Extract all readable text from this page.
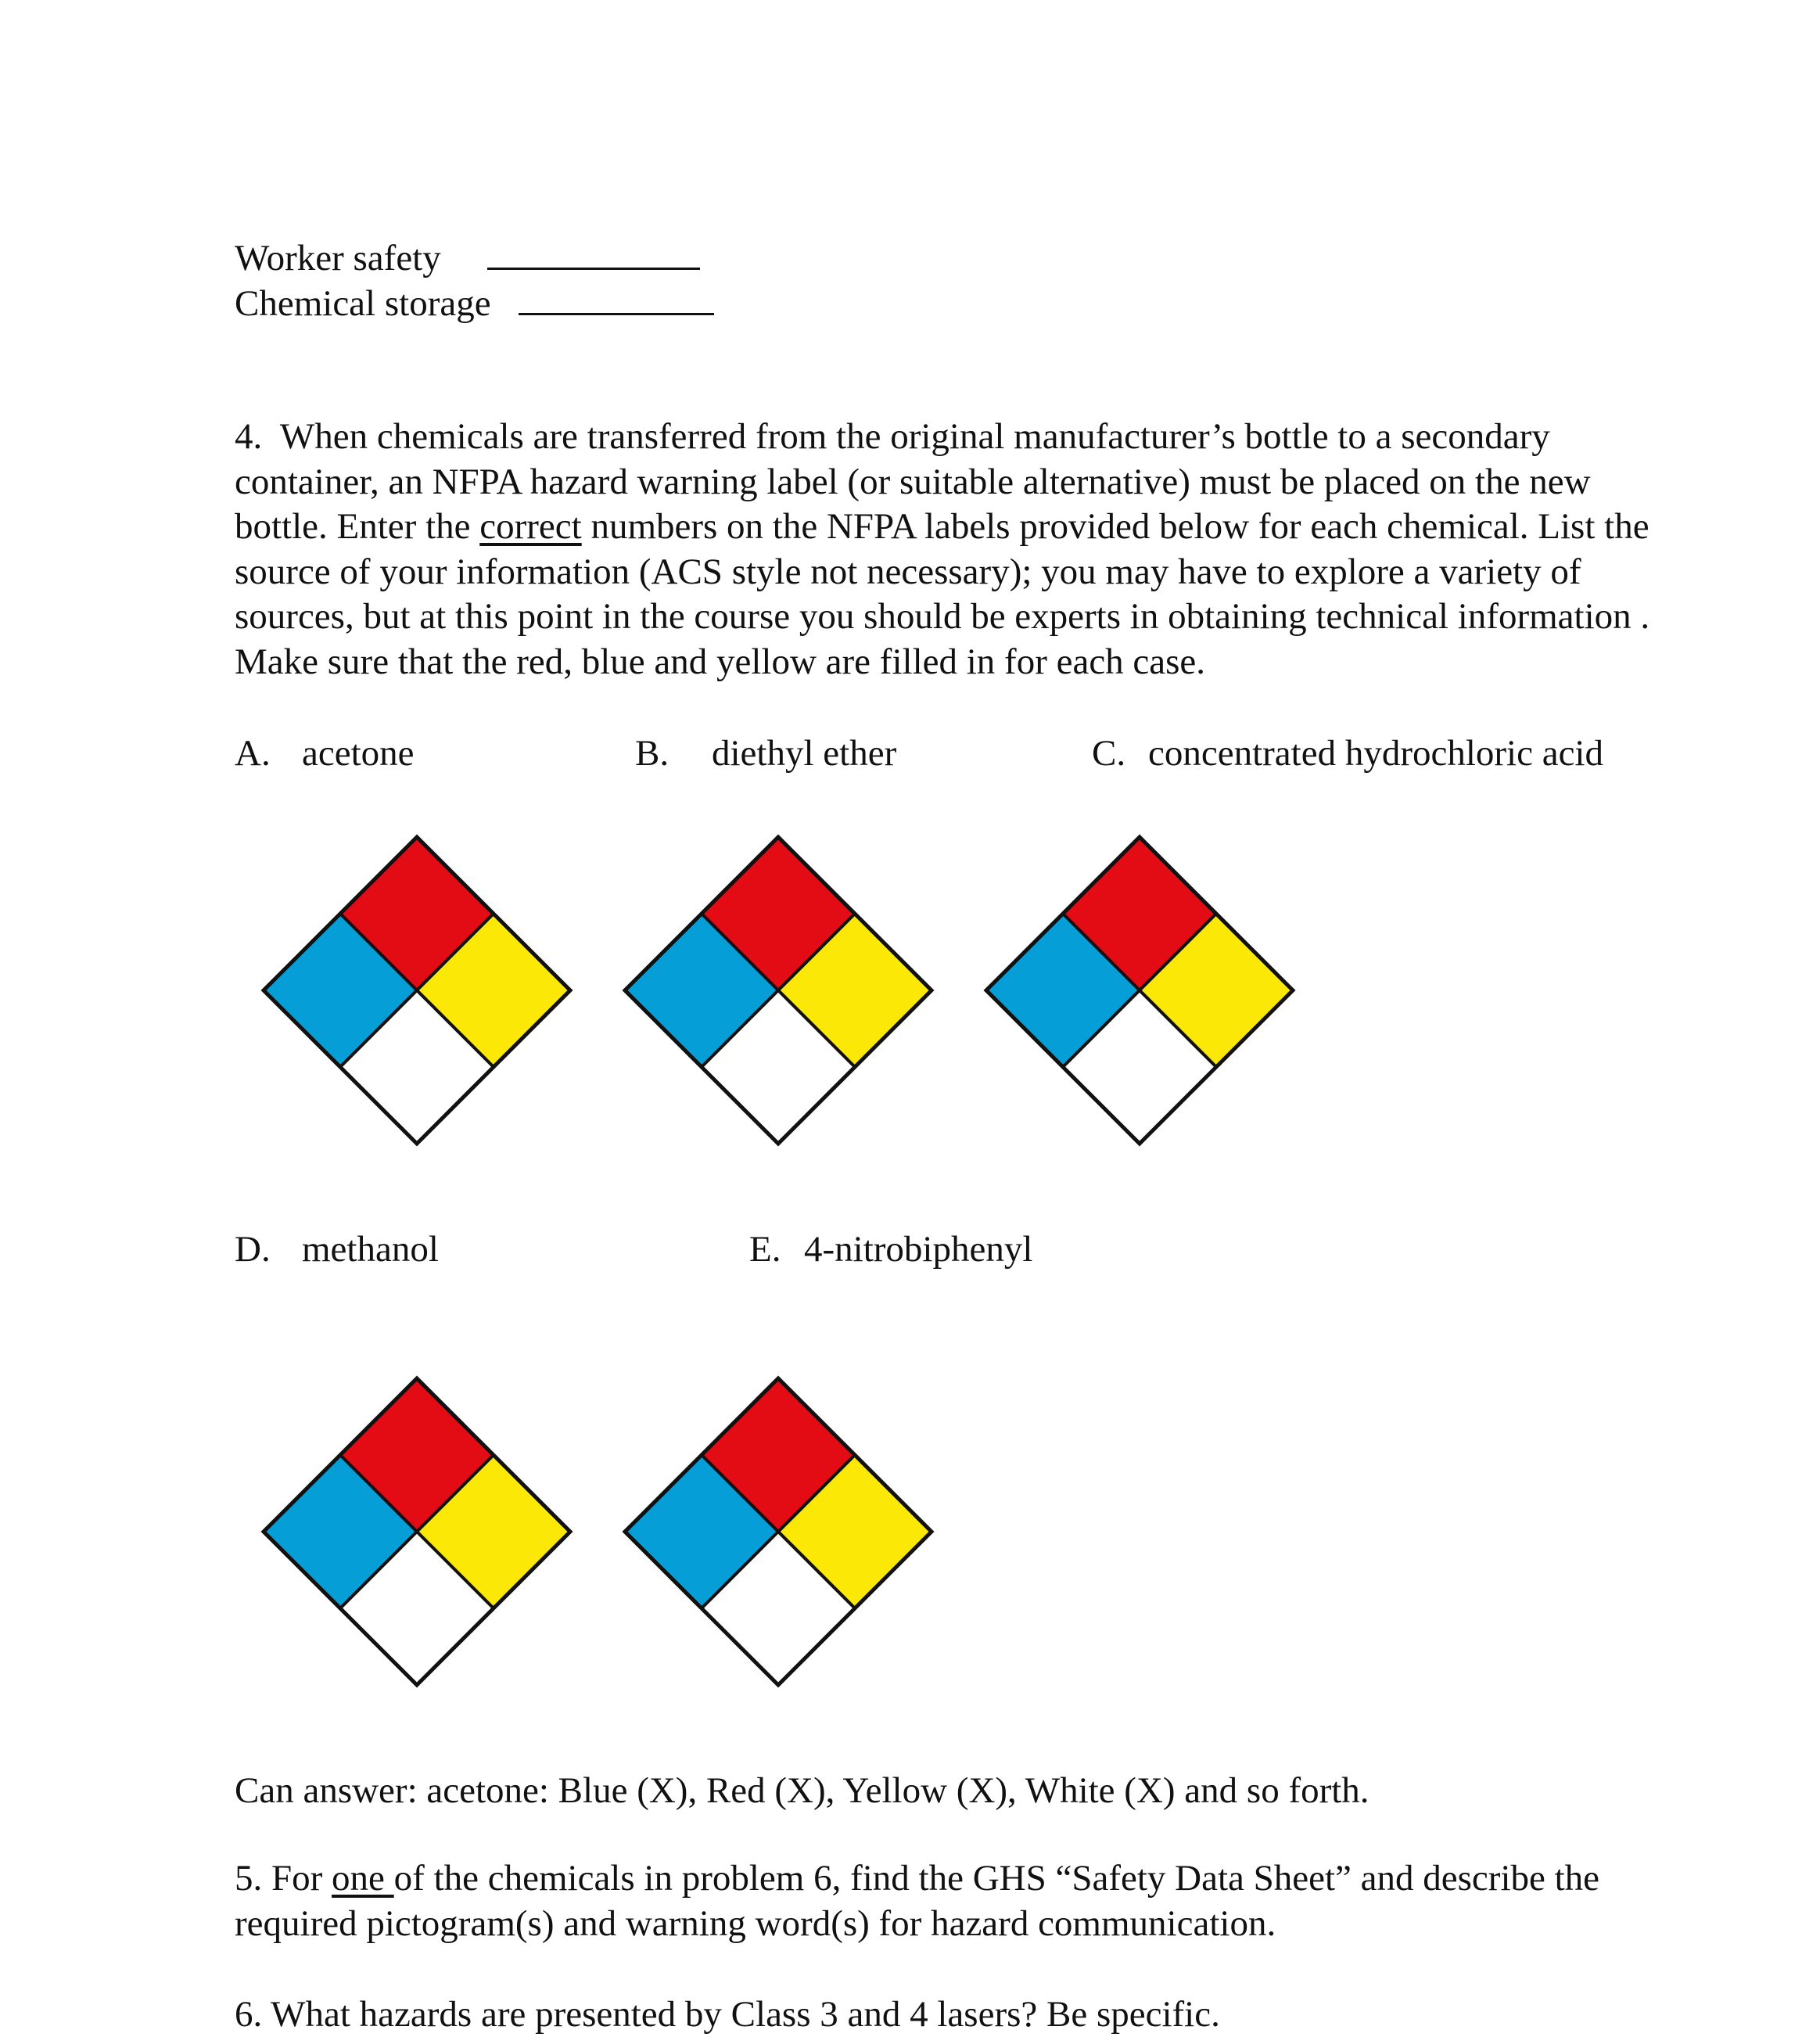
Worker safety
Chemical storage

4. When chemicals are transferred from the original manufacturer’s bottle to a secondary

container, an NFPA hazard warning label (or suitable alternative) must be placed on the new

bottle. Enter the correct numbers on the NFPA labels provided below for each chemical. List the

source of your information (ACS style not necessary); you may have to explore a variety of

sources, but at this point in the course you should be experts in obtaining technical information .

Make sure that the red, blue and yellow are filled in for each case.

A. acetone	B. diethyl ether	C. concentrated hydrochloric acid
D. methanol	E. 4-nitrobiphenyl
Can answer: acetone: Blue (X), Red (X), Yellow (X), White (X) and so forth.

5. For one of the chemicals in problem 6, find the GHS “Safety Data Sheet” and describe the

required pictogram(s) and warning word(s) for hazard communication.

6. What hazards are presented by Class 3 and 4 lasers? Be specific.
